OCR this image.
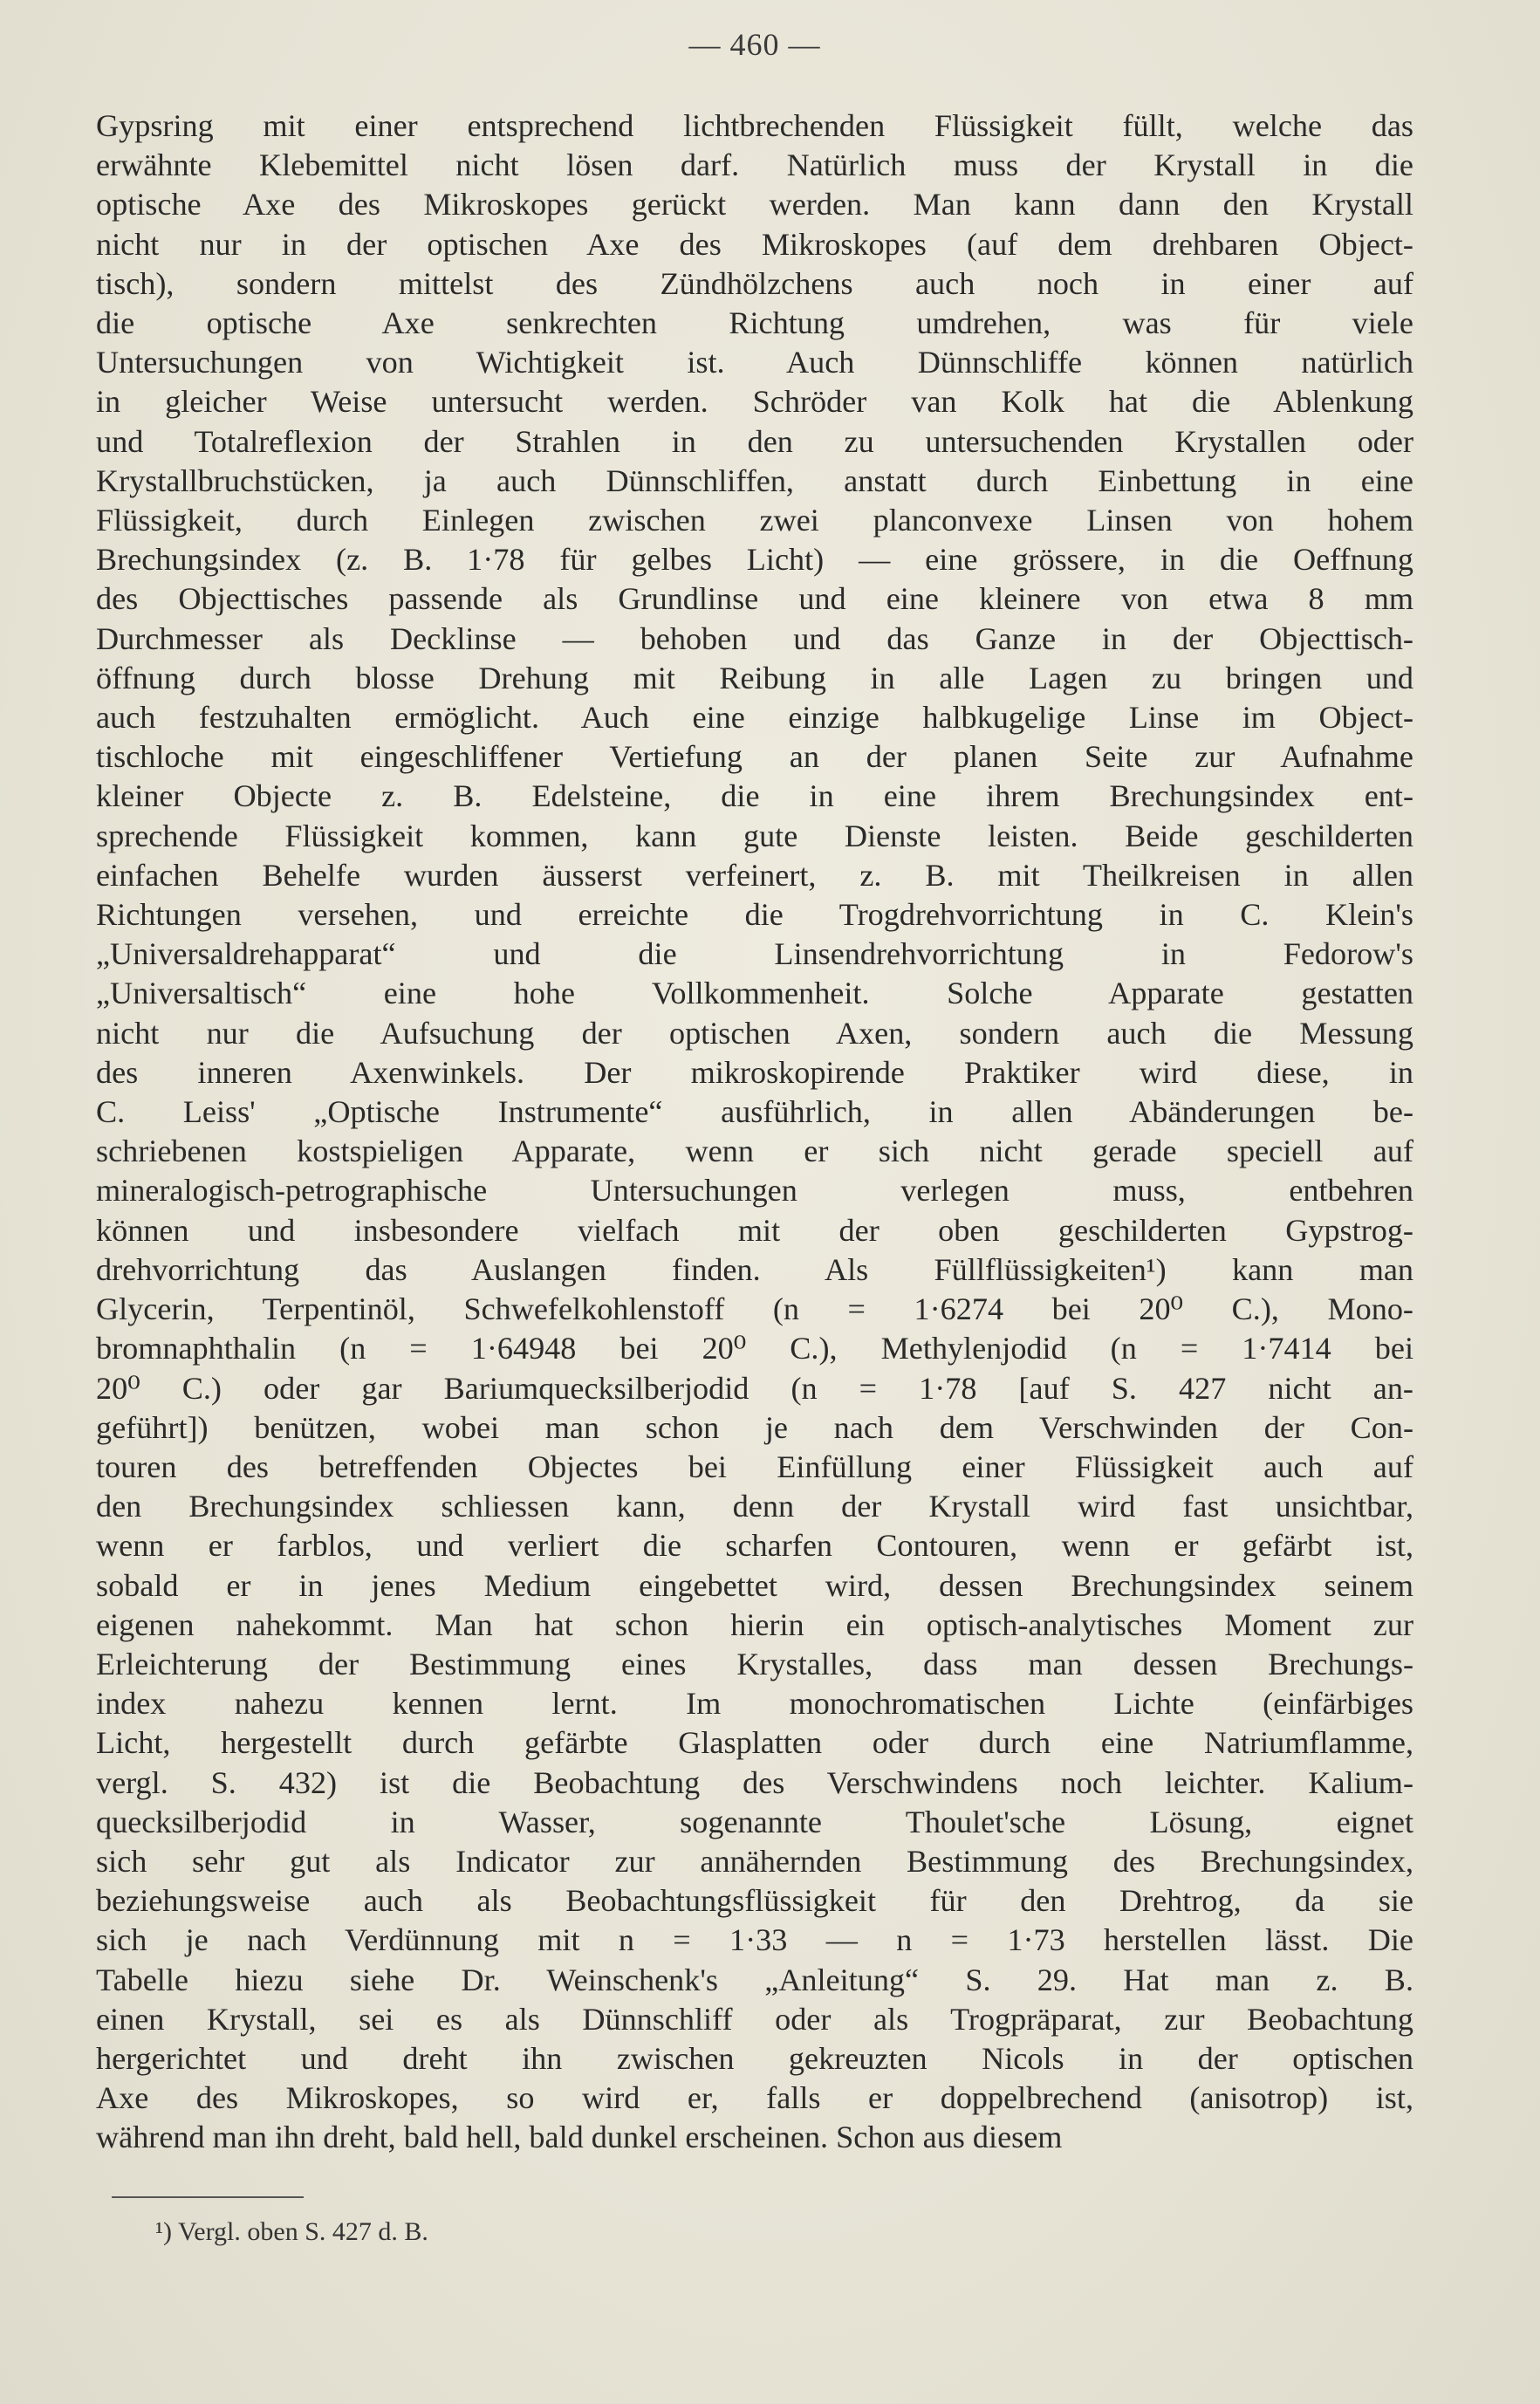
— 460 —

Gypsring mit einer entsprechend lichtbrechenden Flüssigkeit füllt, welche das

erwähnte Klebemittel nicht lösen darf. Natürlich muss der Krystall in die

optische Axe des Mikroskopes gerückt werden. Man kann dann den Krystall

nicht nur in der optischen Axe des Mikroskopes (auf dem drehbaren Object-

tisch), sondern mittelst des Zündhölzchens auch noch in einer auf

die optische Axe senkrechten Richtung umdrehen, was für viele

Untersuchungen von Wichtigkeit ist. Auch Dünnschliffe können natürlich

in gleicher Weise untersucht werden. Schröder van Kolk hat die Ablenkung

und Totalreflexion der Strahlen in den zu untersuchenden Krystallen oder

Krystallbruchstücken, ja auch Dünnschliffen, anstatt durch Einbettung in eine

Flüssigkeit, durch Einlegen zwischen zwei planconvexe Linsen von hohem

Brechungsindex (z. B. 1·78 für gelbes Licht) — eine grössere, in die Oeffnung

des Objecttisches passende als Grundlinse und eine kleinere von etwa 8 mm

Durchmesser als Decklinse — behoben und das Ganze in der Objecttisch-

öffnung durch blosse Drehung mit Reibung in alle Lagen zu bringen und

auch festzuhalten ermöglicht. Auch eine einzige halbkugelige Linse im Object-

tischloche mit eingeschliffener Vertiefung an der planen Seite zur Aufnahme

kleiner Objecte z. B. Edelsteine, die in eine ihrem Brechungsindex ent-

sprechende Flüssigkeit kommen, kann gute Dienste leisten. Beide geschilderten

einfachen Behelfe wurden äusserst verfeinert, z. B. mit Theilkreisen in allen

Richtungen versehen, und erreichte die Trogdrehvorrichtung in C. Klein's

„Universaldrehapparat“ und die Linsendrehvorrichtung in Fedorow's

„Universaltisch“ eine hohe Vollkommenheit. Solche Apparate gestatten

nicht nur die Aufsuchung der optischen Axen, sondern auch die Messung

des inneren Axenwinkels. Der mikroskopirende Praktiker wird diese, in

C. Leiss' „Optische Instrumente“ ausführlich, in allen Abänderungen be-

schriebenen kostspieligen Apparate, wenn er sich nicht gerade speciell auf

mineralogisch-petrographische Untersuchungen verlegen muss, entbehren

können und insbesondere vielfach mit der oben geschilderten Gypstrog-

drehvorrichtung das Auslangen finden. Als Füllflüssigkeiten¹) kann man

Glycerin, Terpentinöl, Schwefelkohlenstoff (n = 1·6274 bei 20⁰ C.), Mono-

bromnaphthalin (n = 1·64948 bei 20⁰ C.), Methylenjodid (n = 1·7414 bei

20⁰ C.) oder gar Bariumquecksilberjodid (n = 1·78 [auf S. 427 nicht an-

geführt]) benützen, wobei man schon je nach dem Verschwinden der Con-

touren des betreffenden Objectes bei Einfüllung einer Flüssigkeit auch auf

den Brechungsindex schliessen kann, denn der Krystall wird fast unsichtbar,

wenn er farblos, und verliert die scharfen Contouren, wenn er gefärbt ist,

sobald er in jenes Medium eingebettet wird, dessen Brechungsindex seinem

eigenen nahekommt. Man hat schon hierin ein optisch-analytisches Moment zur

Erleichterung der Bestimmung eines Krystalles, dass man dessen Brechungs-

index nahezu kennen lernt. Im monochromatischen Lichte (einfärbiges

Licht, hergestellt durch gefärbte Glasplatten oder durch eine Natriumflamme,

vergl. S. 432) ist die Beobachtung des Verschwindens noch leichter. Kalium-

quecksilberjodid in Wasser, sogenannte Thoulet'sche Lösung, eignet

sich sehr gut als Indicator zur annähernden Bestimmung des Brechungsindex,

beziehungsweise auch als Beobachtungsflüssigkeit für den Drehtrog, da sie

sich je nach Verdünnung mit n = 1·33 — n = 1·73 herstellen lässt. Die

Tabelle hiezu siehe Dr. Weinschenk's „Anleitung“ S. 29. Hat man z. B.

einen Krystall, sei es als Dünnschliff oder als Trogpräparat, zur Beobachtung

hergerichtet und dreht ihn zwischen gekreuzten Nicols in der optischen

Axe des Mikroskopes, so wird er, falls er doppelbrechend (anisotrop) ist,

während man ihn dreht, bald hell, bald dunkel erscheinen. Schon aus diesem

¹) Vergl. oben S. 427 d. B.
